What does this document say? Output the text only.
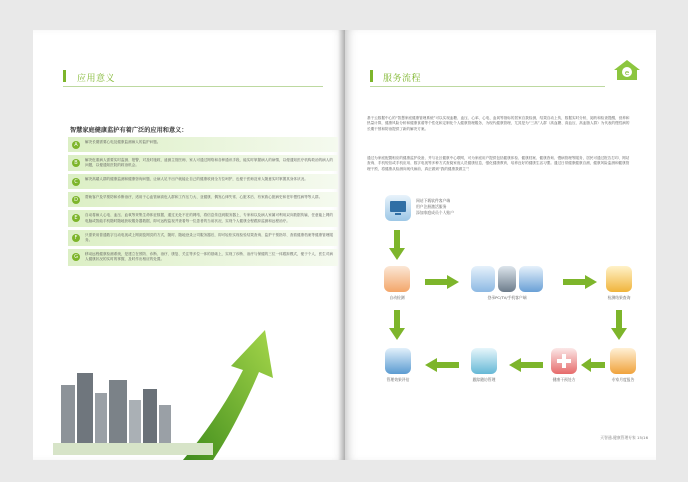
应用意义
智慧家庭健康监护有着广泛的应用和意义：
A	解决长期需要心电及健康监测病人的监护问题。
B	解决危重病人需要实时监测、报警，对及时施救，遥测主管医师、家人可通过网络和各种通讯手段，能实时掌握病人的病情，以便通知医疗机构救治的病人的问题，以便通知医院的救治机会。
C	解决高端人群的健康监测和健康咨询问题，让病人足不出户就能让自己的健康收到全方位呵护，也便于医师及家人随意实时掌握其身体状况。
D	帮助客户及早预防和诊断治疗，适用于心血管病高危人群和工作压力大、亚健康、偶发心律失常、心脏术后、有家族心脏病史和老年慢性病等等人群。
E	自动将病人心电、血压、血氧等采集生命体征数据，通过无处不在的网络，将信息传送到服务器上，专家和以及病人家属可利用双向数据传输，任意能上网的电脑或智能手机随时随地获取服务器数据，即可远程监视并查看每一位患者的当前状况，实现个人健康全程跟踪监测和远程治疗。
F	只需采用普通数字互动电视或上网浏览网页的方式，随时、随地登录公司服务器后，即可轻松实现检验结果查询、监护干预指导、查看健康档案等健康管理服务。
G	移动远程健康检测系统，是建立在预防、诊断、治疗、康复、关注等多位一体的基础上，实现了诊断、治疗与保健的三位一体跟踪模式，便于个人、医生对病人健康状况的实时的掌握，及时作出相应的处置。
服务流程
e
基于云数据中心的“智慧家庭健康管理系统”可以实现血糖、血压、心率、心电、血氧等指标的居家自我检测，结果自动上传，数据实时分析，阅药和检查提醒，营养和热量计算，健康风险分析和健康食谱等个性化和定制化个人健康管理服务，为现代健康管理，尤其是为“三高”人群（高血糖、高血压、高血脂人群）为代表的慢性病的长期干预和防治提供了新的解决方案。
通过为家庭配置相应的健康监护设备，并与社区健康中心联网，可为家庭用户提供包括健康体检、健康档案、健康咨询、慢病管理等服务，居民可通过报告打印、网站查询、手机短信或手机应用、数字电视等多种方式查阅家庭人员健康信息，强化健康教育，培养良好的健康生活习惯。通过日常健康健康自测，健康风险监测和健康管理干预，将健康从检测向现代病前，真正做到“我的健康我做主”！
网站下载软件客户端
用户注册激活服务
添加家庭成员个人账户
自动检测	登录PC/TV/手机客户端	检测结果查询
管理效果评估	跟踪随访管理	健康干预处方	专家月度报告
天智通-健康管理专家 15/16
